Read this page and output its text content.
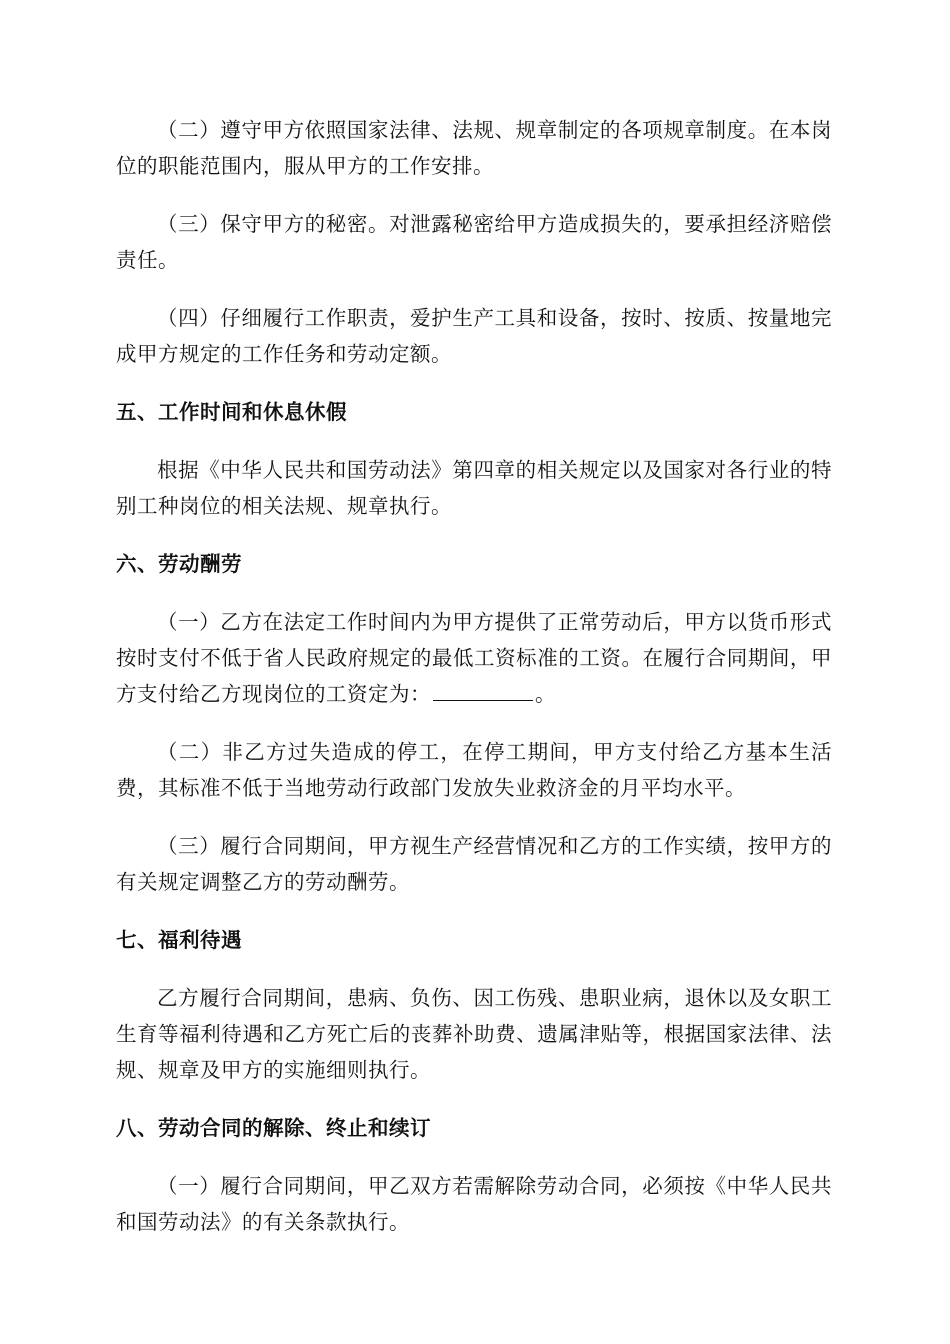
（二）遵守甲方依照国家法律、法规、规章制定的各项规章制度。在本岗位的职能范围内，服从甲方的工作安排。

（三）保守甲方的秘密。对泄露秘密给甲方造成损失的，要承担经济赔偿责任。

（四）仔细履行工作职责，爱护生产工具和设备，按时、按质、按量地完成甲方规定的工作任务和劳动定额。

五、工作时间和休息休假

根据《中华人民共和国劳动法》第四章的相关规定以及国家对各行业的特别工种岗位的相关法规、规章执行。

六、劳动酬劳

（一）乙方在法定工作时间内为甲方提供了正常劳动后，甲方以货币形式按时支付不低于省人民政府规定的最低工资标准的工资。在履行合同期间，甲方支付给乙方现岗位的工资定为：	。

（二）非乙方过失造成的停工，在停工期间，甲方支付给乙方基本生活费，其标准不低于当地劳动行政部门发放失业救济金的月平均水平。

（三）履行合同期间，甲方视生产经营情况和乙方的工作实绩，按甲方的有关规定调整乙方的劳动酬劳。

七、福利待遇

乙方履行合同期间，患病、负伤、因工伤残、患职业病，退休以及女职工生育等福利待遇和乙方死亡后的丧葬补助费、遗属津贴等，根据国家法律、法规、规章及甲方的实施细则执行。

八、劳动合同的解除、终止和续订

（一）履行合同期间，甲乙双方若需解除劳动合同，必须按《中华人民共和国劳动法》的有关条款执行。
